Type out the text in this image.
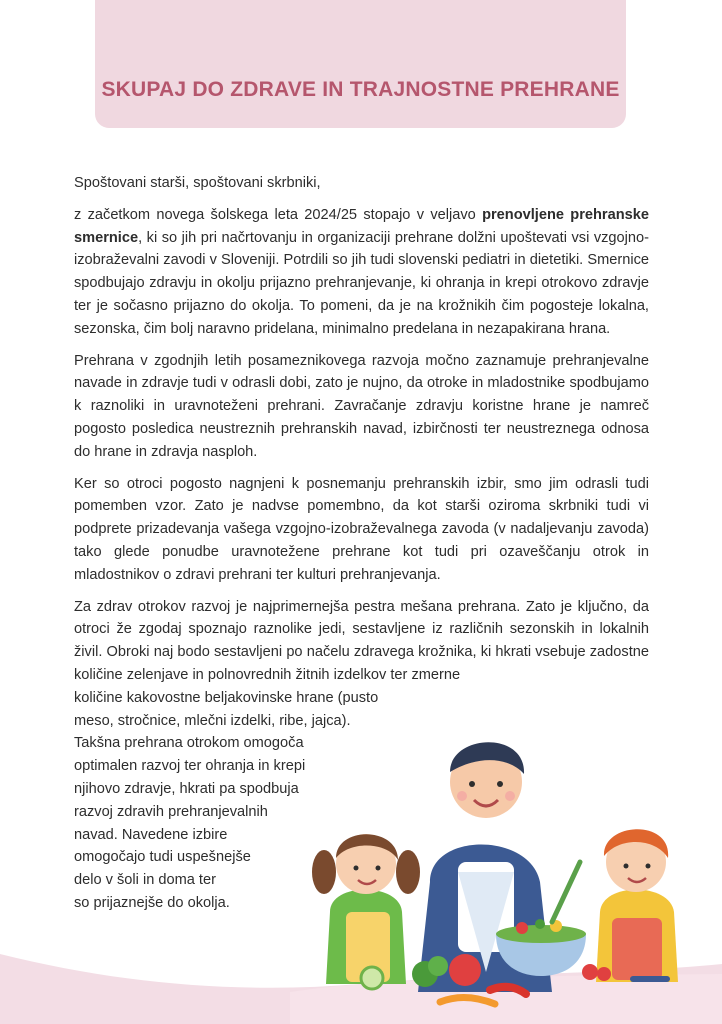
SKUPAJ DO ZDRAVE IN TRAJNOSTNE PREHRANE

Spoštovani starši, spoštovani skrbniki,

z začetkom novega šolskega leta 2024/25 stopajo v veljavo prenovljene prehranske smernice, ki so jih pri načrtovanju in organizaciji prehrane dolžni upoštevati vsi vzgojno-izobraževalni zavodi v Sloveniji. Potrdili so jih tudi slovenski pediatri in dietetiki. Smernice spodbujajo zdravju in okolju prijazno prehranjevanje, ki ohranja in krepi otrokovo zdravje ter je sočasno prijazno do okolja. To pomeni, da je na krožnikih čim pogosteje lokalna, sezonska, čim bolj naravno pridelana, minimalno predelana in nezapakirana hrana.

Prehrana v zgodnjih letih posameznikovega razvoja močno zaznamuje prehranjevalne navade in zdravje tudi v odrasli dobi, zato je nujno, da otroke in mladostnike spodbujamo k raznoliki in uravnoteženi prehrani. Zavračanje zdravju koristne hrane je namreč pogosto posledica neustreznih prehranskih navad, izbirčnosti ter neustreznega odnosa do hrane in zdravja nasploh.

Ker so otroci pogosto nagnjeni k posnemanju prehranskih izbir, smo jim odrasli tudi pomemben vzor. Zato je nadvse pomembno, da kot starši oziroma skrbniki tudi vi podprete prizadevanja vašega vzgojno-izobraževalnega zavoda (v nadaljevanju zavoda) tako glede ponudbe uravnotežene prehrane kot tudi pri ozaveščanju otrok in mladostnikov o zdravi prehrani ter kulturi prehranjevanja.

Za zdrav otrokov razvoj je najprimernejša pestra mešana prehrana. Zato je ključno, da otroci že zgodaj spoznajo raznolike jedi, sestavljene iz različnih sezonskih in lokalnih živil. Obroki naj bodo sestavljeni po načelu zdravega krožnika, ki hkrati vsebuje zadostne količine zelenjave in polnovrednih žitnih izdelkov ter zmerne

količine kakovostne beljakovinske hrane (pusto
meso, stročnice, mlečni izdelki, ribe, jajca).
Takšna prehrana otrokom omogoča
optimalen razvoj ter ohranja in krepi
njihovo zdravje, hkrati pa spodbuja
razvoj zdravih prehranjevalnih
navad. Navedene izbire
omogočajo tudi uspešnejše
delo v šoli in doma ter
so prijaznejše do okolja.
